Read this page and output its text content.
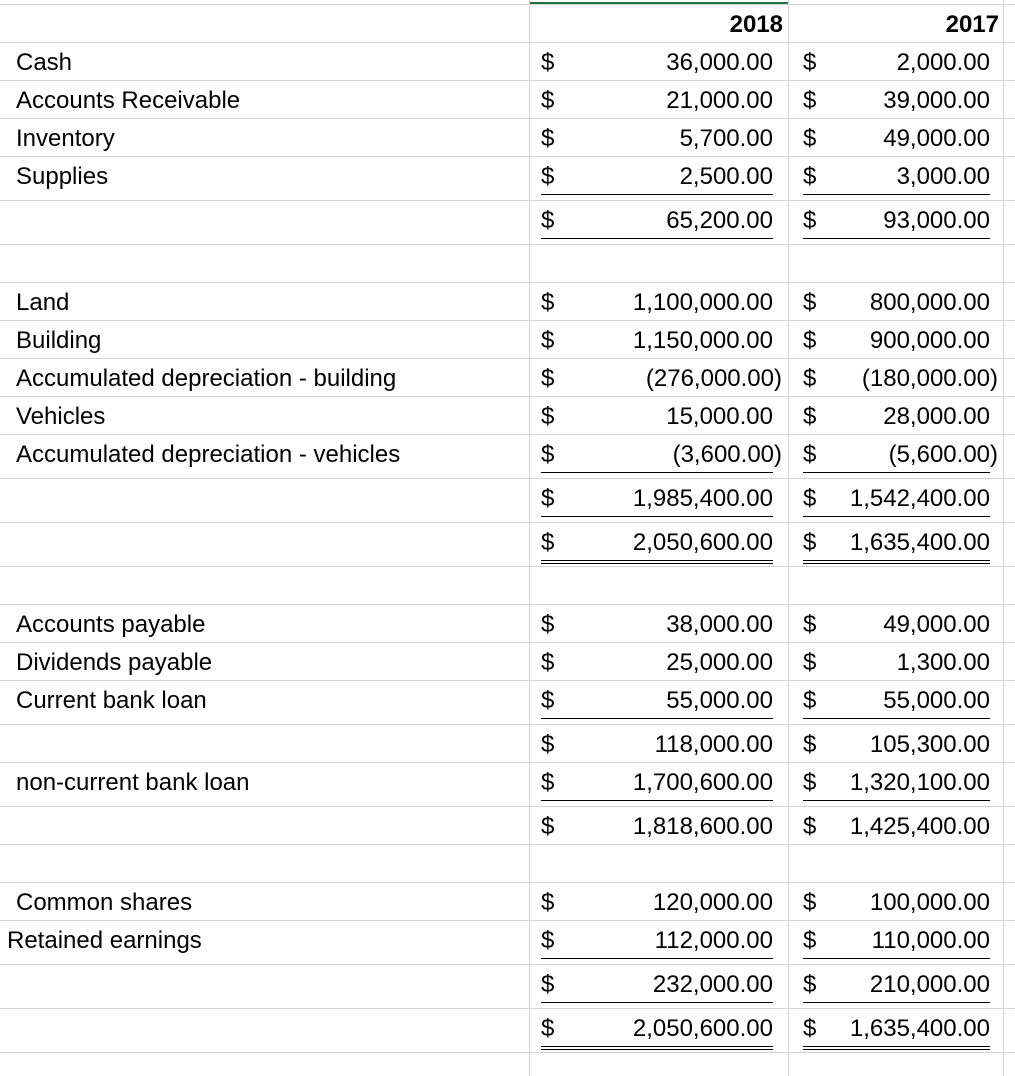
2018	2017
Cash	$	36,000.00 $	2,000.00
Accounts Receivable	$	21,000.00 $	39,000.00
Inventory	$	5,700.00 $	49,000.00
Supplies	$	2,500.00 $	3,000.00
$	65,200.00 $	93,000.00
Land	$	1,100,000.00 $	800,000.00
Building	$	1,150,000.00 $	900,000.00
Accumulated depreciation - building	$	(276,000.00) $	(180,000.00)
Vehicles	$	15,000.00 $	28,000.00
Accumulated depreciation - vehicles	$	(3,600.00) $	(5,600.00)
$	1,985,400.00 $	1,542,400.00
$	2,050,600.00 $	1,635,400.00
Accounts payable	$	38,000.00 $	49,000.00
Dividends payable	$	25,000.00 $	1,300.00
Current bank loan	$	55,000.00 $	55,000.00
$	118,000.00 $	105,300.00
non-current bank loan	$	1,700,600.00 $	1,320,100.00
$	1,818,600.00 $	1,425,400.00
Common shares	$	120,000.00 $	100,000.00
Retained earnings	$	112,000.00 $	110,000.00
$	232,000.00 $	210,000.00
$	2,050,600.00 $	1,635,400.00
